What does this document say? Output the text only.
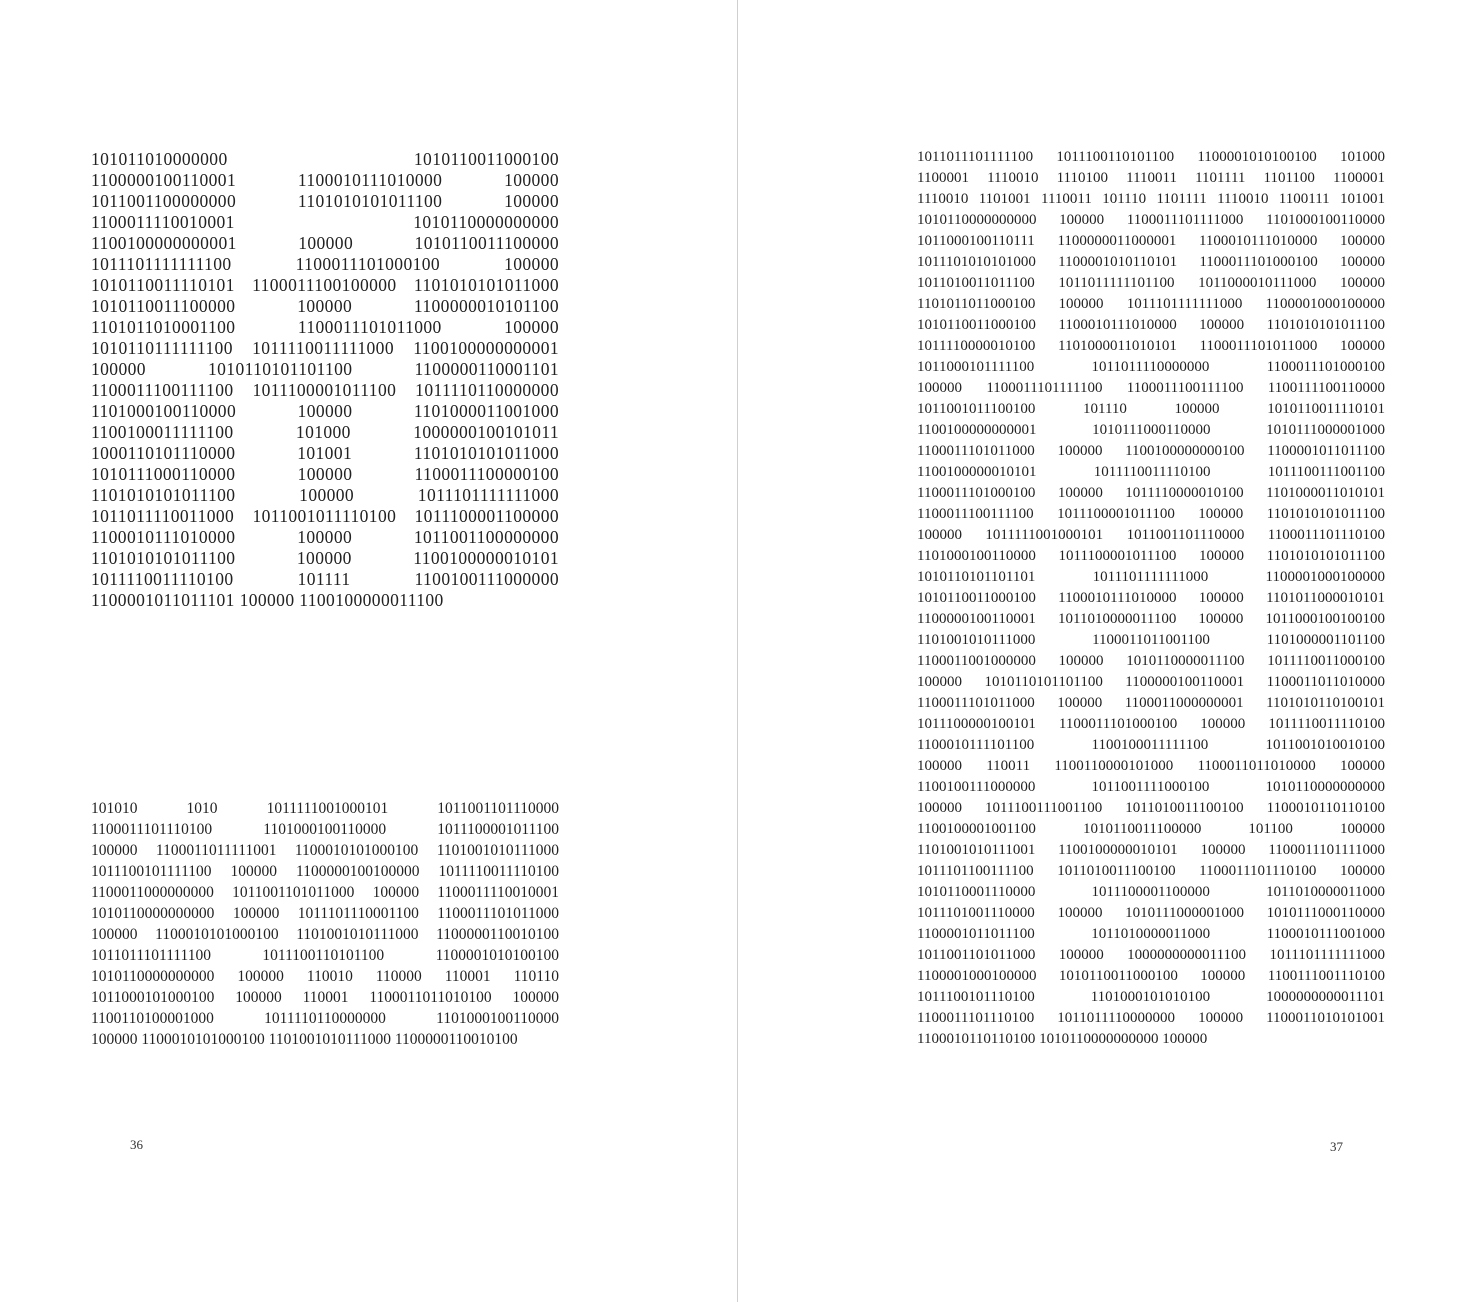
101011010000000 1010110011000100
1100000100110001 1100010111010000 100000
1011001100000000 1101010101011100 100000
1100011110010001 1010110000000000
1100100000000001 100000 1010110011100000
1011101111111100 1100011101000100 100000
1010110011110101 1100011100100000 1101010101011000
1010110011100000 100000 1100000010101100
1101011010001100 1100011101011000 100000
1010110111111100 1011110011111000 1100100000000001
100000 1010110101101100 1100000110001101
1100011100111100 1011100001011100 1011110110000000
1101000100110000 100000 1101000011001000
1100100011111100 101000 1000000100101011
1000110101110000 101001 1101010101011000
1010111000110000 100000 1100011100000100
1101010101011100 100000 1011101111111000
1011011110011000 1011001011110100 1011100001100000
1100010111010000 100000 1011001100000000
1101010101011100 100000 1100100000010101
1011110011110100 101111 1100100111000000
1100001011011101 100000 1100100000011100
101010 1010 1011111001000101 1011001101110000
1100011101110100 1101000100110000 1011100001011100
100000 1100011011111001 1100010101000100 1101001010111000
1011100101111100 100000 1100000100100000 1011110011110100
1100011000000000 1011001101011000 100000 1100011110010001
1010110000000000 100000 1011101110001100 1100011101011000
100000 1100010101000100 1101001010111000 1100000110010100
1011011101111100 1011100110101100 1100001010100100
1010110000000000 100000 110010 110000 110001 110110
1011000101000100 100000 110001 1100011011010100 100000
1100110100001000 1011110110000000 1101000100110000
100000 1100010101000100 1101001010111000 1100000110010100
1011011101111100 1011100110101100 1100001010100100 101000
1100001 1110010 1110100 1110011 1101111 1101100 1100001
1110010 1101001 1110011 101110 1101111 1110010 1100111 101001
1010110000000000 100000 1100011101111000 1101000100110000
1011000100110111 1100000011000001 1100010111010000 100000
1011101010101000 1100001010110101 1100011101000100 100000
1011010011011100 1011011111101100 1011000010111000 100000
1101011011000100 100000 1011101111111000 1100001000100000
1010110011000100 1100010111010000 100000 1101010101011100
1011110000010100 1101000011010101 1100011101011000 100000
1011000101111100 1011011110000000 1100011101000100
100000 1100011101111100 1100011100111100 1100111100110000
1011001011100100 101110 100000 1010110011110101
1100100000000001 1010111000110000 1010111000001000
1100011101011000 100000 1100100000000100 1100001011011100
1100100000010101 1011110011110100 1011100111001100
1100011101000100 100000 1011110000010100 1101000011010101
1100011100111100 1011100001011100 100000 1101010101011100
100000 1011111001000101 1011001101110000 1100011101110100
1101000100110000 1011100001011100 100000 1101010101011100
1010110101101101 1011101111111000 1100001000100000
1010110011000100 1100010111010000 100000 1101011000010101
1100000100110001 1011010000011100 100000 1011000100100100
1101001010111000 1100011011001100 1101000001101100
1100011001000000 100000 1010110000011100 1011110011000100
100000 1010110101101100 1100000100110001 1100011011010000
1100011101011000 100000 1100011000000001 1101010110100101
1011100000100101 1100011101000100 100000 1011110011110100
1100010111101100 1100100011111100 1011001010010100
100000 110011 1100110000101000 1100011011010000 100000
1100100111000000 1011001111000100 1010110000000000
100000 1011100111001100 1011010011100100 1100010110110100
1100100001001100 1010110011100000 101100 100000
1101001010111001 1100100000010101 100000 1100011101111000
1011101100111100 1011010011100100 1100011101110100 100000
1010110001110000 1011100001100000 1011010000011000
1011101001110000 100000 1010111000001000 1010111000110000
1100001011011100 1011010000011000 1100010111001000
1011001101011000 100000 1000000000011100 1011101111111000
1100001000100000 1010110011000100 100000 1100111001110100
1011100101110100 1101000101010100 1000000000011101
1100011101110100 1011011110000000 100000 1100011010101001
1100010110110100 1010110000000000 100000
36	37
